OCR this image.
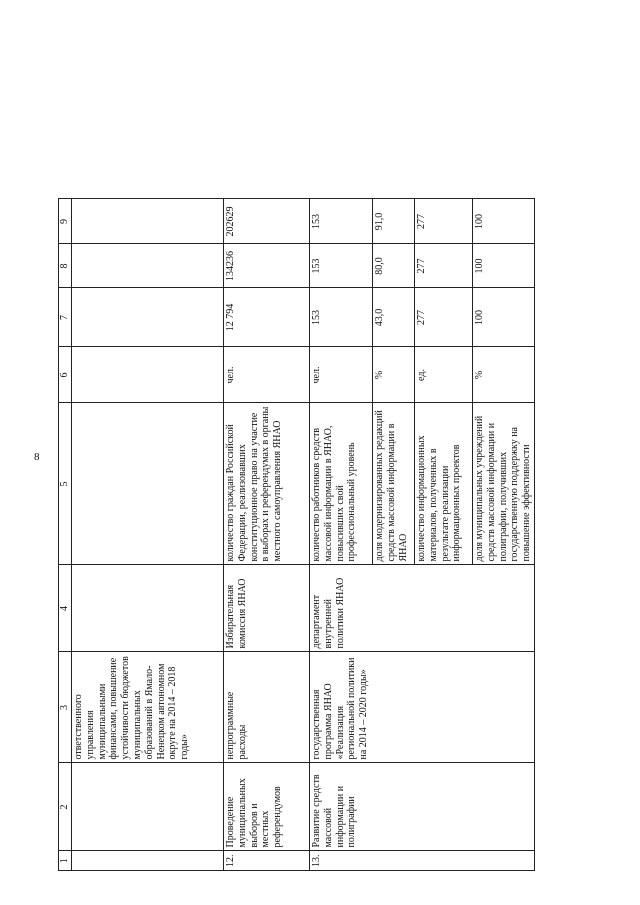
8
1	2	3	4	5	6	7	8	9
		ответственного управления муниципальными финансами, повышение устойчивости бюджетов муниципальных образований в Ямало-Ненецком автономном округе на 2014 – 2018 годы»						
12.	Проведение муниципальных выборов и местных референдумов	непрограммные расходы	Избирательная комиссия ЯНАО	количество граждан Российской Федерации, реализовавших конституционное право на участие в выборах и референдумах в органы местного самоуправления ЯНАО	чел.	12 794	134236	202629
13.	Развитие средств массовой информации и полиграфии	государственная программа ЯНАО «Реализация региональной политики на 2014 – 2020 годы»	департамент внутренней политики ЯНАО	количество работников средств массовой информации в ЯНАО, повысивших свой профессиональный уровень	чел.	153	153	153
				доля модернизированных редакций средств массовой информации в ЯНАО	%	43,0	80,0	91,0
				количество информационных материалов, полученных в результате реализации информационных проектов	ед.	277	277	277
				доля муниципальных учреждений средств массовой информации и полиграфии, получивших государственную поддержку на повышение эффективности	%	100	100	100
